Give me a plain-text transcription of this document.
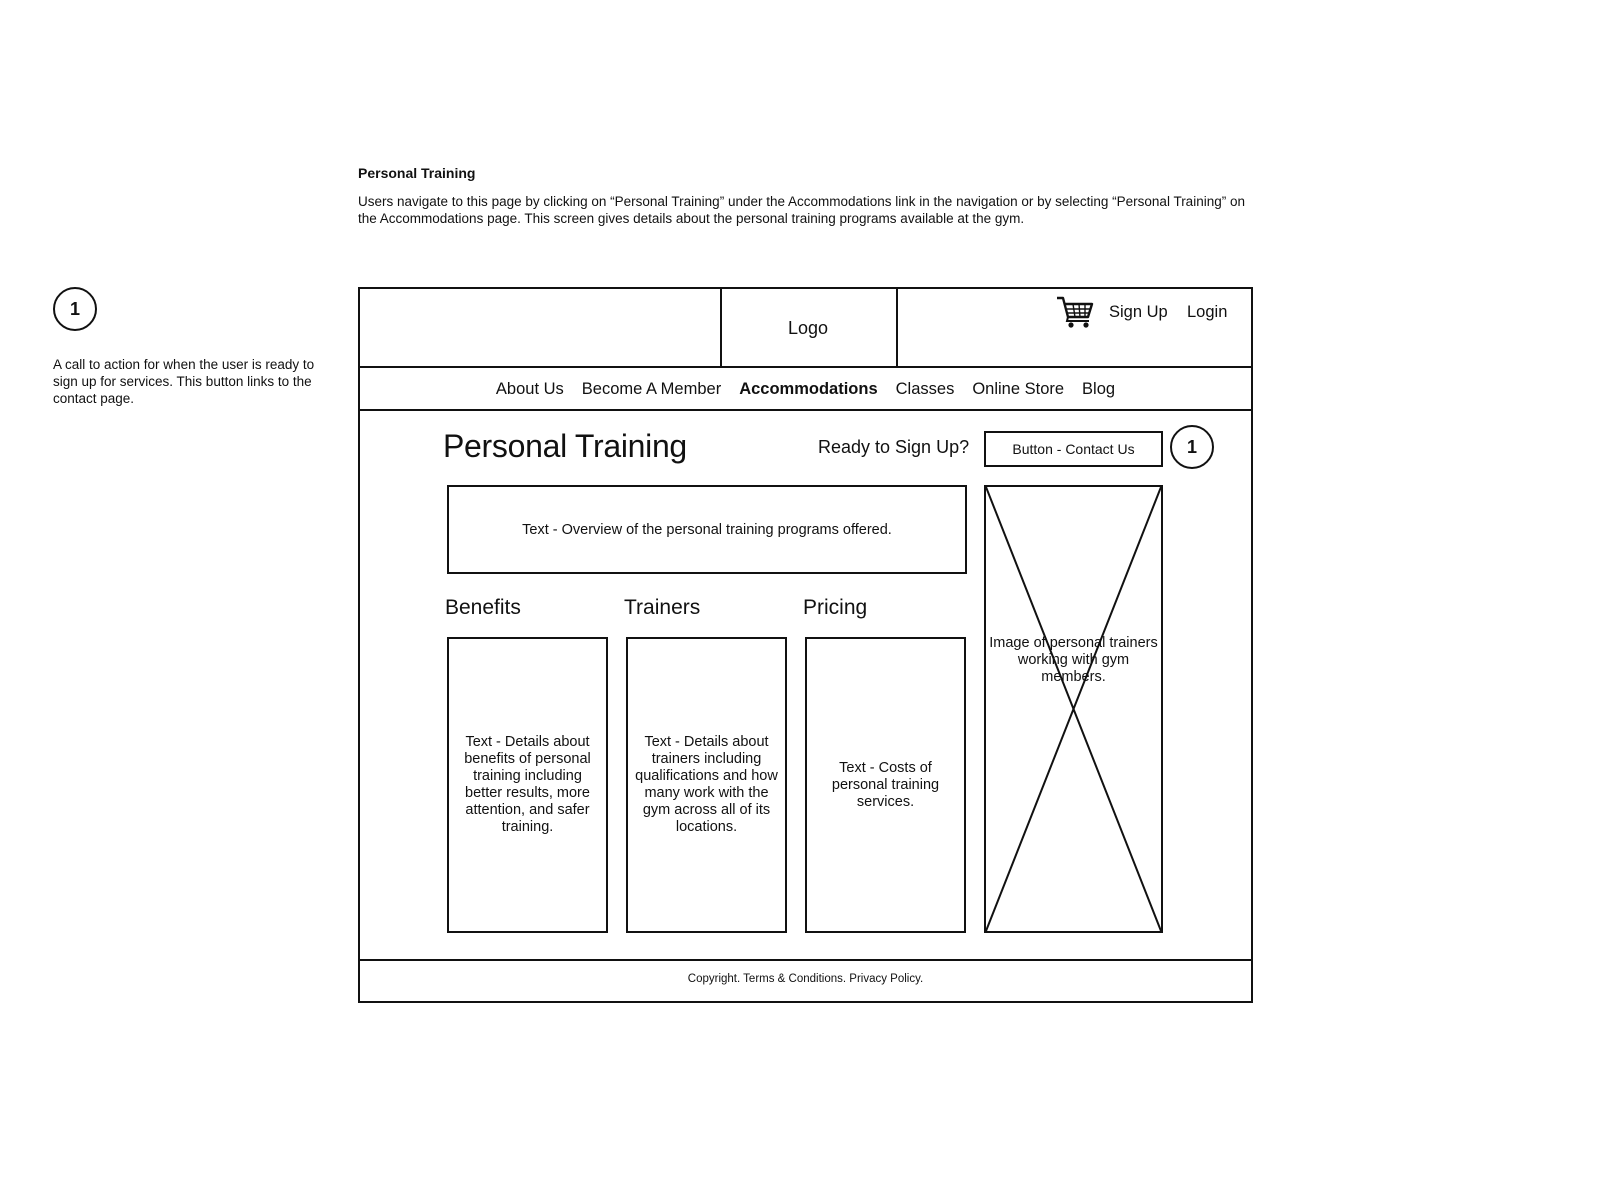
Personal Training
Users navigate to this page by clicking on “Personal Training” under the Accommodations link in the navigation or by selecting “Personal Training” on the Accommodations page. This screen gives details about the personal training programs available at the gym.
1
A call to action for when the user is ready to sign up for services. This button links to the contact page.
Logo
Sign Up Login
About Us Become A Member Accommodations Classes Online Store Blog
Personal Training	Ready to Sign Up?	Button - Contact Us	1
Text - Overview of the personal training programs offered.
Benefits	Trainers	Pricing
Text - Details about benefits of personal training including better results, more attention, and safer training.
Text - Details about trainers including qualifications and how many work with the gym across all of its locations.
Text - Costs of personal training services.
Image of personal trainers working with gym members.
Copyright. Terms & Conditions. Privacy Policy.
